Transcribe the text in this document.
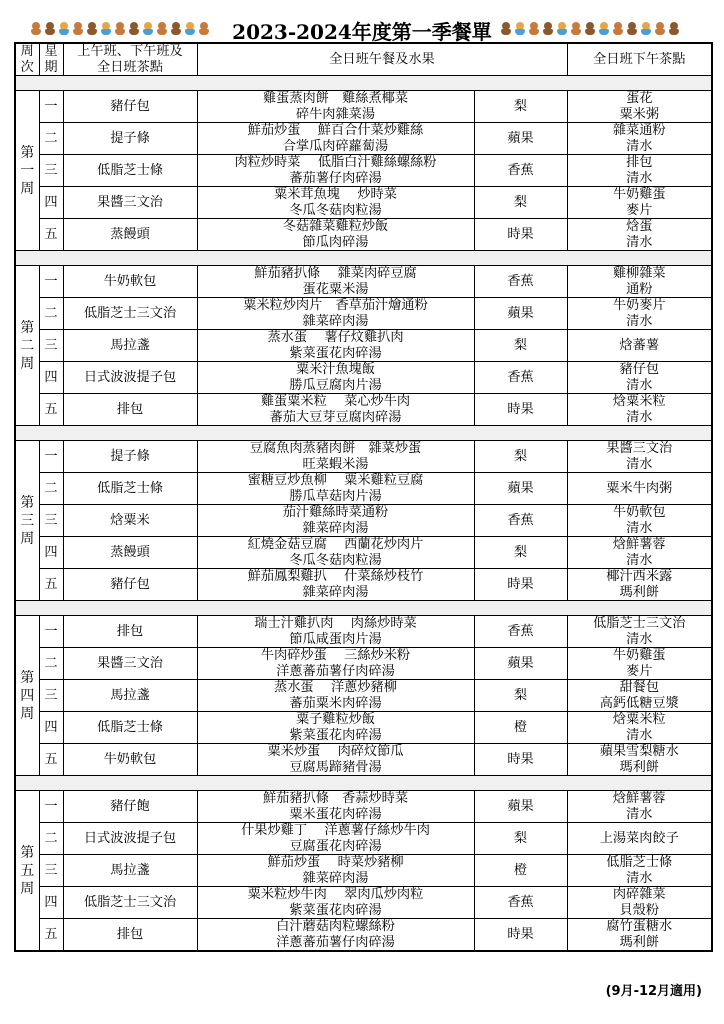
2023-2024年度第一季餐單
周
次	星
期	上午班、下午班及
全日班茶點	全日班午餐及水果		全日班下午茶點

第
一
周	一	豬仔包	雞蛋蒸肉餅　雞絲煮椰菜
碎牛肉雜菜湯	梨	蛋花
粟米粥

	二	提子條	鮮茄炒蛋　 鮮百合什菜炒雞絲
合掌瓜肉碎蘿蔔湯	蘋果	雜菜通粉
清水

	三	低脂芝士條	肉粒炒時菜　 低脂白汁雞絲螺絲粉
蕃茄薯仔肉碎湯	香蕉	排包
清水

	四	果醬三文治	粟米茸魚塊　 炒時菜
冬瓜冬菇肉粒湯	梨	牛奶雞蛋
麥片

	五	蒸饅頭	冬菇雜菜雞粒炒飯
節瓜肉碎湯	時果	焓蛋
清水

第
二
周	一	牛奶軟包	鮮茄豬扒條　 雜菜肉碎豆腐
蛋花粟米湯	香蕉	雞柳雜菜
通粉

	二	低脂芝士三文治	粟米粒炒肉片　香草茄汁燴通粉
雜菜碎肉湯	蘋果	牛奶麥片
清水

	三	馬拉盞	蒸水蛋　 薯仔炆雞扒肉
紫菜蛋花肉碎湯	梨	焓蕃薯

	四	日式波波提子包	粟米汁魚塊飯
勝瓜豆腐肉片湯	香蕉	豬仔包
清水

	五	排包	雞蛋粟米粒　 菜心炒牛肉
蕃茄大豆芽豆腐肉碎湯	時果	焓粟米粒
清水

第
三
周	一	提子條	豆腐魚肉蒸豬肉餅　雜菜炒蛋
旺菜蝦米湯	梨	果醬三文治
清水

	二	低脂芝士條	蜜糖豆炒魚柳　 粟米雞粒豆腐
勝瓜草菇肉片湯	蘋果	粟米牛肉粥

	三	焓粟米	茄汁雞絲時菜通粉
雜菜碎肉湯	香蕉	牛奶軟包
清水

	四	蒸饅頭	紅燒金菇豆腐　 西蘭花炒肉片
冬瓜冬菇肉粒湯	梨	焓鮮薯蓉
清水

	五	豬仔包	鮮茄鳳梨雞扒　 什菜絲炒枝竹
雜菜碎肉湯	時果	椰汁西米露
瑪利餅

第
四
周	一	排包	瑞士汁雞扒肉　 肉絲炒時菜
節瓜咸蛋肉片湯	香蕉	低脂芝士三文治
清水

	二	果醬三文治	牛肉碎炒蛋　 三絲炒米粉
洋蔥蕃茄薯仔肉碎湯	蘋果	牛奶雞蛋
麥片

	三	馬拉盞	蒸水蛋　 洋蔥炒豬柳
蕃茄粟米肉碎湯	梨	甜餐包
高鈣低糖豆漿

	四	低脂芝士條	粟子雞粒炒飯
紫菜蛋花肉碎湯	橙	焓粟米粒
清水

	五	牛奶軟包	粟米炒蛋　 肉碎炆節瓜
豆腐馬蹄豬骨湯	時果	蘋果雪梨糖水
瑪利餅

第
五
周	一	豬仔飽	鮮茄豬扒條　香蒜炒時菜
粟米蛋花肉碎湯	蘋果	焓鮮薯蓉
清水

	二	日式波波提子包	什果炒雞丁　 洋蔥薯仔絲炒牛肉
豆腐蛋花肉碎湯	梨	上湯菜肉餃子

	三	馬拉盞	鮮茄炒蛋　 時菜炒豬柳
雜菜碎肉湯	橙	低脂芝士條
清水

	四	低脂芝士三文治	粟米粒炒牛肉　 翠肉瓜炒肉粒
紫菜蛋花肉碎湯	香蕉	肉碎雜菜
貝殼粉

	五	排包	白汁蘑菇肉粒螺絲粉
洋蔥蕃茄薯仔肉碎湯	時果	腐竹蛋糖水
瑪利餅
(9月-12月適用)
